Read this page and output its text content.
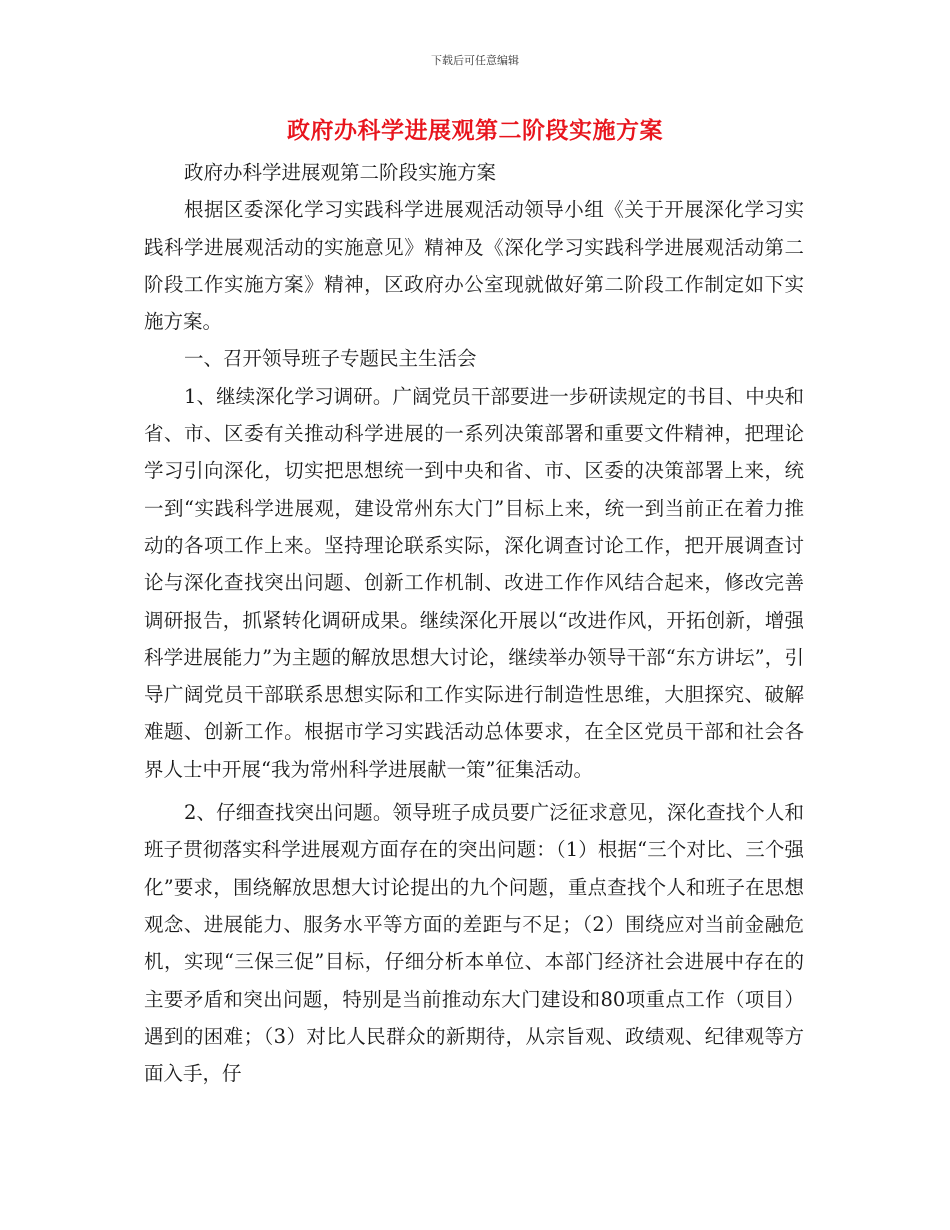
下载后可任意编辑
政府办科学进展观第二阶段实施方案

政府办科学进展观第二阶段实施方案

根据区委深化学习实践科学进展观活动领导小组《关于开展深化学习实践科学进展观活动的实施意见》精神及《深化学习实践科学进展观活动第二阶段工作实施方案》精神，区政府办公室现就做好第二阶段工作制定如下实施方案。

一、召开领导班子专题民主生活会

1、继续深化学习调研。广阔党员干部要进一步研读规定的书目、中央和省、市、区委有关推动科学进展的一系列决策部署和重要文件精神，把理论学习引向深化，切实把思想统一到中央和省、市、区委的决策部署上来，统一到“实践科学进展观，建设常州东大门”目标上来，统一到当前正在着力推动的各项工作上来。坚持理论联系实际，深化调查讨论工作，把开展调查讨论与深化查找突出问题、创新工作机制、改进工作作风结合起来，修改完善调研报告，抓紧转化调研成果。继续深化开展以“改进作风，开拓创新，增强科学进展能力”为主题的解放思想大讨论，继续举办领导干部“东方讲坛”，引导广阔党员干部联系思想实际和工作实际进行制造性思维，大胆探究、破解难题、创新工作。根据市学习实践活动总体要求，在全区党员干部和社会各界人士中开展“我为常州科学进展献一策”征集活动。

2、仔细查找突出问题。领导班子成员要广泛征求意见，深化查找个人和班子贯彻落实科学进展观方面存在的突出问题：（1）根据“三个对比、三个强化”要求，围绕解放思想大讨论提出的九个问题，重点查找个人和班子在思想观念、进展能力、服务水平等方面的差距与不足；（2）围绕应对当前金融危机，实现“三保三促”目标，仔细分析本单位、本部门经济社会进展中存在的主要矛盾和突出问题，特别是当前推动东大门建设和80项重点工作（项目）遇到的困难；（3）对比人民群众的新期待，从宗旨观、政绩观、纪律观等方面入手，仔
